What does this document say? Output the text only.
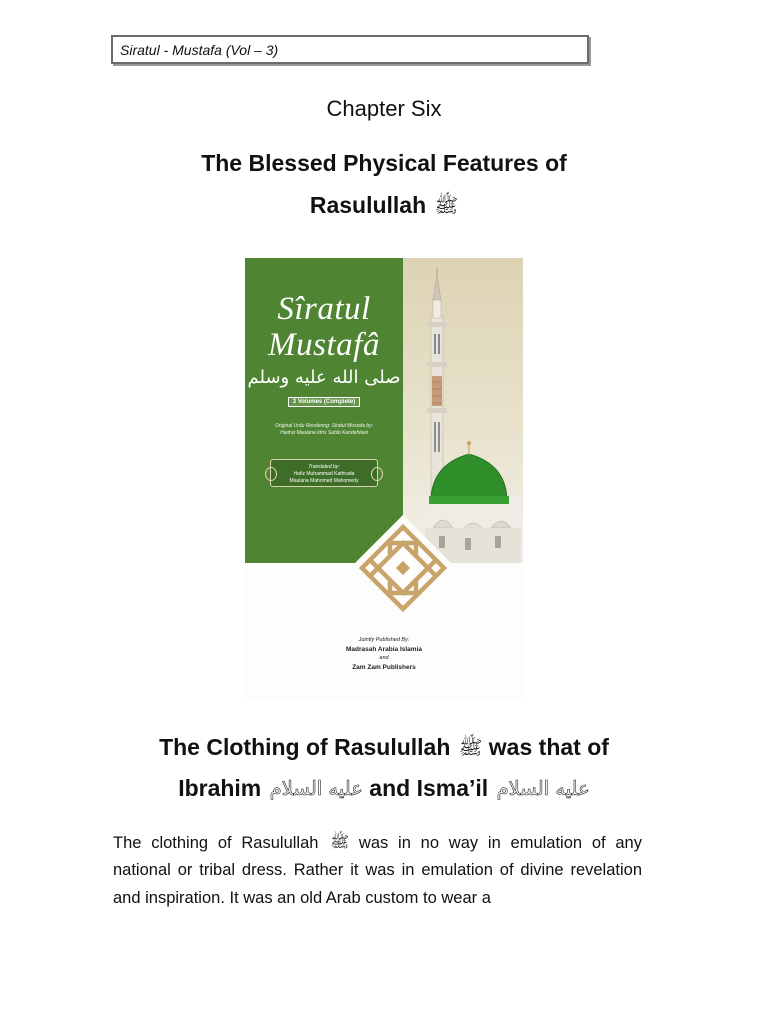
Siratul - Mustafa (Vol – 3)
Chapter Six
The Blessed Physical Features of
Rasulullah ﷺ
Sîratul
Mustafâ
صلى الله عليه وسلم
3 Volumes (Complete)
Original Urdu Rendering: Siratul Mustafa by:
Hadrat Maulana Idris Sahib Kandehlawi
Translated by:
Hafiz Muhammad Kathrada
Maulana Mahomed Mahomedy
Jointly Published By:
Madrasah Arabia Islamia
and
Zam Zam Publishers
The Clothing of Rasulullah ﷺ was that of
Ibrahim عليه السلام and Isma’il عليه السلام

The clothing of Rasulullah ﷺ was in no way in emulation of any national or tribal dress. Rather it was in emulation of divine revelation and inspiration. It was an old Arab custom to wear a
